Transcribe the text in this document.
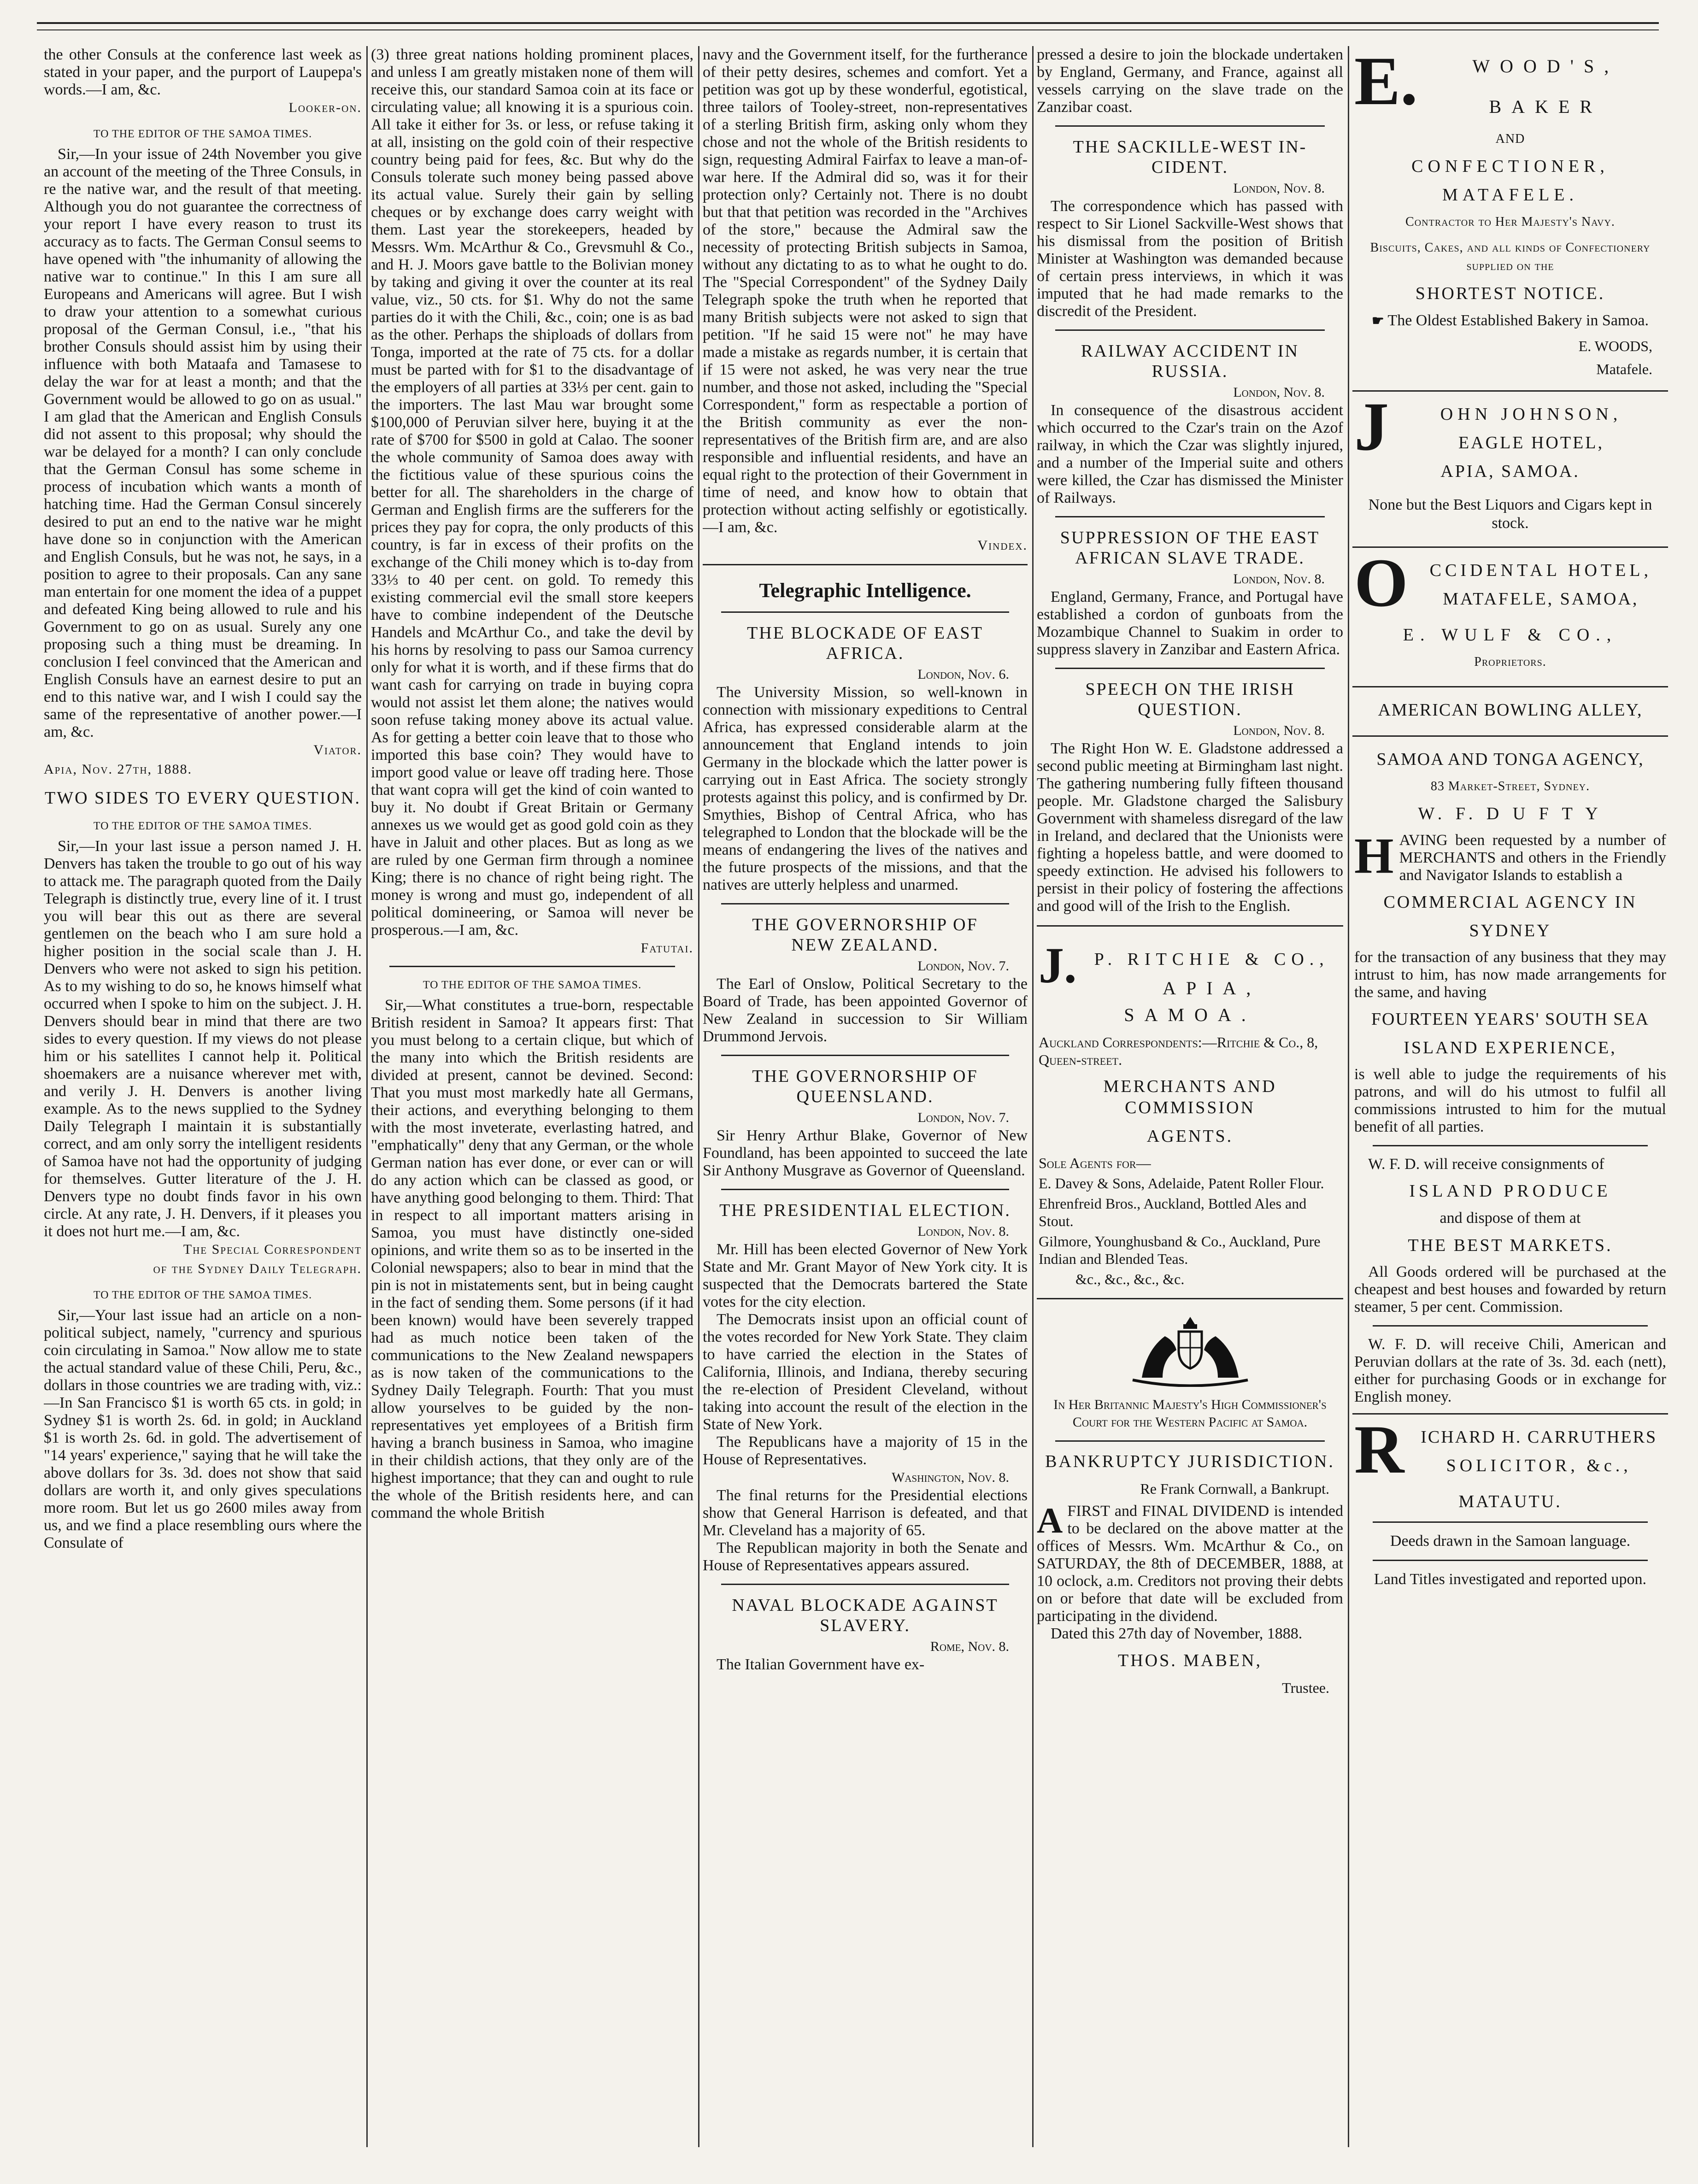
the other Consuls at the conference last week as stated in your paper, and the purport of Laupepa's words.—I am, &c.

Looker-on.
TO THE EDITOR OF THE SAMOA TIMES.

Sir,—In your issue of 24th November you give an account of the meeting of the Three Consuls, in re the native war, and the result of that meeting. Although you do not guarantee the correctness of your report I have every reason to trust its accuracy as to facts. The German Consul seems to have opened with "the inhumanity of allowing the native war to continue." In this I am sure all Europeans and Americans will agree. But I wish to draw your attention to a somewhat curious proposal of the German Consul, i.e., "that his brother Consuls should assist him by using their influence with both Mataafa and Tamasese to delay the war for at least a month; and that the Government would be allowed to go on as usual." I am glad that the American and English Consuls did not assent to this proposal; why should the war be delayed for a month? I can only conclude that the German Consul has some scheme in process of incubation which wants a month of hatching time. Had the German Consul sincerely desired to put an end to the native war he might have done so in conjunction with the American and English Consuls, but he was not, he says, in a position to agree to their proposals. Can any sane man entertain for one moment the idea of a puppet and defeated King being allowed to rule and his Government to go on as usual. Surely any one proposing such a thing must be dreaming. In conclusion I feel convinced that the American and English Consuls have an earnest desire to put an end to this native war, and I wish I could say the same of the representative of another power.—I am, &c.

Viator.
Apia, Nov. 27th, 1888.
TWO SIDES TO EVERY QUESTION.
TO THE EDITOR OF THE SAMOA TIMES.

Sir,—In your last issue a person named J. H. Denvers has taken the trouble to go out of his way to attack me. The paragraph quoted from the Daily Telegraph is distinctly true, every line of it. I trust you will bear this out as there are several gentlemen on the beach who I am sure hold a higher position in the social scale than J. H. Denvers who were not asked to sign his petition. As to my wishing to do so, he knows himself what occurred when I spoke to him on the subject. J. H. Denvers should bear in mind that there are two sides to every question. If my views do not please him or his satellites I cannot help it. Political shoemakers are a nuisance wherever met with, and verily J. H. Denvers is another living example. As to the news supplied to the Sydney Daily Telegraph I maintain it is substantially correct, and am only sorry the intelligent residents of Samoa have not had the opportunity of judging for themselves. Gutter literature of the J. H. Denvers type no doubt finds favor in his own circle. At any rate, J. H. Denvers, if it pleases you it does not hurt me.—I am, &c.

The Special Correspondent
of the Sydney Daily Telegraph.
TO THE EDITOR OF THE SAMOA TIMES.

Sir,—Your last issue had an article on a non-political subject, namely, "currency and spurious coin circulating in Samoa." Now allow me to state the actual standard value of these Chili, Peru, &c., dollars in those countries we are trading with, viz.:—In San Francisco $1 is worth 65 cts. in gold; in Sydney $1 is worth 2s. 6d. in gold; in Auckland $1 is worth 2s. 6d. in gold. The advertisement of "14 years' experience," saying that he will take the above dollars for 3s. 3d. does not show that said dollars are worth it, and only gives speculations more room. But let us go 2600 miles away from us, and we find a place resembling ours where the Consulate of

(3) three great nations holding prominent places, and unless I am greatly mistaken none of them will receive this, our standard Samoa coin at its face or circulating value; all knowing it is a spurious coin. All take it either for 3s. or less, or refuse taking it at all, insisting on the gold coin of their respective country being paid for fees, &c. But why do the Consuls tolerate such money being passed above its actual value. Surely their gain by selling cheques or by exchange does carry weight with them. Last year the storekeepers, headed by Messrs. Wm. McArthur & Co., Grevsmuhl & Co., and H. J. Moors gave battle to the Bolivian money by taking and giving it over the counter at its real value, viz., 50 cts. for $1. Why do not the same parties do it with the Chili, &c., coin; one is as bad as the other. Perhaps the shiploads of dollars from Tonga, imported at the rate of 75 cts. for a dollar must be parted with for $1 to the disadvantage of the employers of all parties at 33⅓ per cent. gain to the importers. The last Mau war brought some $100,000 of Peruvian silver here, buying it at the rate of $700 for $500 in gold at Calao. The sooner the whole community of Samoa does away with the fictitious value of these spurious coins the better for all. The shareholders in the charge of German and English firms are the sufferers for the prices they pay for copra, the only products of this country, is far in excess of their profits on the exchange of the Chili money which is to-day from 33⅓ to 40 per cent. on gold. To remedy this existing commercial evil the small store keepers have to combine independent of the Deutsche Handels and McArthur Co., and take the devil by his horns by resolving to pass our Samoa currency only for what it is worth, and if these firms that do want cash for carrying on trade in buying copra would not assist let them alone; the natives would soon refuse taking money above its actual value. As for getting a better coin leave that to those who imported this base coin? They would have to import good value or leave off trading here. Those that want copra will get the kind of coin wanted to buy it. No doubt if Great Britain or Germany annexes us we would get as good gold coin as they have in Jaluit and other places. But as long as we are ruled by one German firm through a nominee King; there is no chance of right being right. The money is wrong and must go, independent of all political domineering, or Samoa will never be prosperous.—I am, &c.

Fatutai.
TO THE EDITOR OF THE SAMOA TIMES.

Sir,—What constitutes a true-born, respectable British resident in Samoa? It appears first: That you must belong to a certain clique, but which of the many into which the British residents are divided at present, cannot be devined. Second: That you must most markedly hate all Germans, their actions, and everything belonging to them with the most inveterate, everlasting hatred, and "emphatically" deny that any German, or the whole German nation has ever done, or ever can or will do any action which can be classed as good, or have anything good belonging to them. Third: That in respect to all important matters arising in Samoa, you must have distinctly one-sided opinions, and write them so as to be inserted in the Colonial newspapers; also to bear in mind that the pin is not in mistatements sent, but in being caught in the fact of sending them. Some persons (if it had been known) would have been severely trapped had as much notice been taken of the communications to the New Zealand newspapers as is now taken of the communications to the Sydney Daily Telegraph. Fourth: That you must allow yourselves to be guided by the non-representatives yet employees of a British firm having a branch business in Samoa, who imagine in their childish actions, that they only are of the highest importance; that they can and ought to rule the whole of the British residents here, and can command the whole British

navy and the Government itself, for the furtherance of their petty desires, schemes and comfort. Yet a petition was got up by these wonderful, egotistical, three tailors of Tooley-street, non-representatives of a sterling British firm, asking only whom they chose and not the whole of the British residents to sign, requesting Admiral Fairfax to leave a man-of-war here. If the Admiral did so, was it for their protection only? Certainly not. There is no doubt but that that petition was recorded in the "Archives of the store," because the Admiral saw the necessity of protecting British subjects in Samoa, without any dictating to as to what he ought to do. The "Special Correspondent" of the Sydney Daily Telegraph spoke the truth when he reported that many British subjects were not asked to sign that petition. "If he said 15 were not" he may have made a mistake as regards number, it is certain that if 15 were not asked, he was very near the true number, and those not asked, including the "Special Correspondent," form as respectable a portion of the British community as ever the non-representatives of the British firm are, and are also responsible and influential residents, and have an equal right to the protection of their Government in time of need, and know how to obtain that protection without acting selfishly or egotistically.—I am, &c.

Vindex.
Telegraphic Intelligence.
THE BLOCKADE OF EAST
AFRICA.
London, Nov. 6.

The University Mission, so well-known in connection with missionary expeditions to Central Africa, has expressed considerable alarm at the announcement that England intends to join Germany in the blockade which the latter power is carrying out in East Africa. The society strongly protests against this policy, and is confirmed by Dr. Smythies, Bishop of Central Africa, who has telegraphed to London that the blockade will be the means of endangering the lives of the natives and the future prospects of the missions, and that the natives are utterly helpless and unarmed.

THE GOVERNORSHIP OF
NEW ZEALAND.
London, Nov. 7.

The Earl of Onslow, Political Secretary to the Board of Trade, has been appointed Governor of New Zealand in succession to Sir William Drummond Jervois.

THE GOVERNORSHIP OF
QUEENSLAND.
London, Nov. 7.

Sir Henry Arthur Blake, Governor of New Foundland, has been appointed to succeed the late Sir Anthony Musgrave as Governor of Queensland.

THE PRESIDENTIAL ELECTION.
London, Nov. 8.

Mr. Hill has been elected Governor of New York State and Mr. Grant Mayor of New York city. It is suspected that the Democrats bartered the State votes for the city election.

The Democrats insist upon an official count of the votes recorded for New York State. They claim to have carried the election in the States of California, Illinois, and Indiana, thereby securing the re-election of President Cleveland, without taking into account the result of the election in the State of New York.

The Republicans have a majority of 15 in the House of Representatives.

Washington, Nov. 8.

The final returns for the Presidential elections show that General Harrison is defeated, and that Mr. Cleveland has a majority of 65.

The Republican majority in both the Senate and House of Representatives appears assured.

NAVAL BLOCKADE AGAINST
SLAVERY.
Rome, Nov. 8.

The Italian Government have ex-

pressed a desire to join the blockade undertaken by England, Germany, and France, against all vessels carrying on the slave trade on the Zanzibar coast.

THE SACKILLE-WEST IN-
CIDENT.
London, Nov. 8.

The correspondence which has passed with respect to Sir Lionel Sackville-West shows that his dismissal from the position of British Minister at Washington was demanded because of certain press interviews, in which it was imputed that he had made remarks to the discredit of the President.

RAILWAY ACCIDENT IN
RUSSIA.
London, Nov. 8.

In consequence of the disastrous accident which occurred to the Czar's train on the Azof railway, in which the Czar was slightly injured, and a number of the Imperial suite and others were killed, the Czar has dismissed the Minister of Railways.

SUPPRESSION OF THE EAST
AFRICAN SLAVE TRADE.
London, Nov. 8.

England, Germany, France, and Portugal have established a cordon of gunboats from the Mozambique Channel to Suakim in order to suppress slavery in Zanzibar and Eastern Africa.

SPEECH ON THE IRISH
QUESTION.
London, Nov. 8.

The Right Hon W. E. Gladstone addressed a second public meeting at Birmingham last night. The gathering numbering fully fifteen thousand people. Mr. Gladstone charged the Salisbury Government with shameless disregard of the law in Ireland, and declared that the Unionists were fighting a hopeless battle, and were doomed to speedy extinction. He advised his followers to persist in their policy of fostering the affections and good will of the Irish to the English.

J.	P. RITCHIE & CO.,
APIA,
SAMOA.
Auckland Correspondents:—Ritchie & Co., 8, Queen-street.
MERCHANTS AND COMMISSION
AGENTS.
Sole Agents for—
E. Davey & Sons, Adelaide, Patent Roller Flour.
Ehrenfreid Bros., Auckland, Bottled Ales and Stout.
Gilmore, Younghusband & Co., Auckland, Pure Indian and Blended Teas.
&c., &c., &c., &c.
In Her Britannic Majesty's High Commissioner's Court for the Western Pacific at Samoa.
BANKRUPTCY JURISDICTION.
Re Frank Cornwall, a Bankrupt.
A FIRST and FINAL DIVIDEND is intended to be declared on the above matter at the offices of Messrs. Wm. McArthur & Co., on SATURDAY, the 8th of DECEMBER, 1888, at 10 oclock, a.m. Creditors not proving their debts on or before that date will be excluded from participating in the dividend.

Dated this 27th day of November, 1888.

THOS. MABEN,
Trustee.
E.	WOOD'S,
BAKER
AND
CONFECTIONER,
MATAFELE.
Contractor to Her Majesty's Navy.
Biscuits, Cakes, and all kinds of Confectionery supplied on the
SHORTEST NOTICE.
☛ The Oldest Established Bakery in Samoa.
E. WOODS,
Matafele.
J	OHN JOHNSON,
EAGLE HOTEL,
APIA, SAMOA.
None but the Best Liquors and Cigars kept in stock.
O	CCIDENTAL HOTEL,
MATAFELE, SAMOA,
E. WULF & CO.,
Proprietors.
AMERICAN BOWLING ALLEY,
SAMOA AND TONGA AGENCY,
83 Market-Street, Sydney.
W. F. D U F T Y
H AVING been requested by a number of MERCHANTS and others in the Friendly and Navigator Islands to establish a

COMMERCIAL AGENCY IN
SYDNEY

for the transaction of any business that they may intrust to him, has now made arrangements for the same, and having

FOURTEEN YEARS' SOUTH SEA
ISLAND EXPERIENCE,

is well able to judge the requirements of his patrons, and will do his utmost to fulfil all commissions intrusted to him for the mutual benefit of all parties.

W. F. D. will receive consignments of

ISLAND PRODUCE
and dispose of them at
THE BEST MARKETS.

All Goods ordered will be purchased at the cheapest and best houses and fowarded by return steamer, 5 per cent. Commission.

W. F. D. will receive Chili, American and Peruvian dollars at the rate of 3s. 3d. each (nett), either for purchasing Goods or in exchange for English money.

R ICHARD H. CARRUTHERS
SOLICITOR, &c.,
MATAUTU.
Deeds drawn in the Samoan language.
Land Titles investigated and reported upon.
